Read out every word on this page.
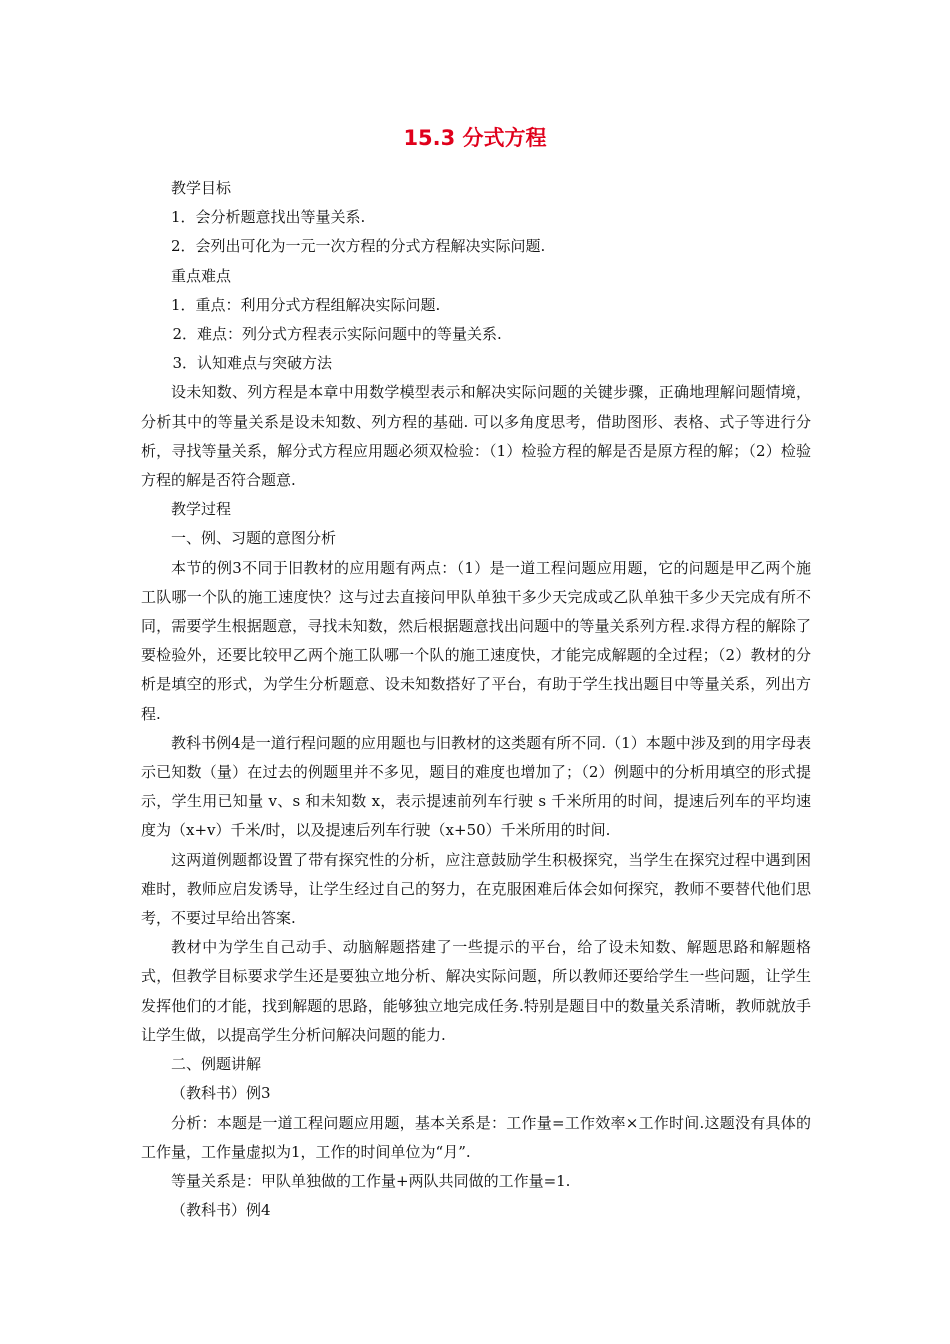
15.3 分式方程

教学目标

1．会分析题意找出等量关系.

2．会列出可化为一元一次方程的分式方程解决实际问题.

重点难点

1．重点：利用分式方程组解决实际问题.

2．难点：列分式方程表示实际问题中的等量关系.

3．认知难点与突破方法

设未知数、列方程是本章中用数学模型表示和解决实际问题的关键步骤，正确地理解问题情境，分析其中的等量关系是设未知数、列方程的基础. 可以多角度思考，借助图形、表格、式子等进行分析，寻找等量关系，解分式方程应用题必须双检验：（1）检验方程的解是否是原方程的解；（2）检验方程的解是否符合题意.

教学过程

一、例、习题的意图分析

本节的例3不同于旧教材的应用题有两点：（1）是一道工程问题应用题，它的问题是甲乙两个施工队哪一个队的施工速度快？这与过去直接问甲队单独干多少天完成或乙队单独干多少天完成有所不同，需要学生根据题意，寻找未知数，然后根据题意找出问题中的等量关系列方程.求得方程的解除了要检验外，还要比较甲乙两个施工队哪一个队的施工速度快，才能完成解题的全过程；（2）教材的分析是填空的形式，为学生分析题意、设未知数搭好了平台，有助于学生找出题目中等量关系，列出方程.

教科书例4是一道行程问题的应用题也与旧教材的这类题有所不同.（1）本题中涉及到的用字母表示已知数（量）在过去的例题里并不多见，题目的难度也增加了；（2）例题中的分析用填空的形式提示，学生用已知量 v、s 和未知数 x，表示提速前列车行驶 s 千米所用的时间，提速后列车的平均速度为（x+v）千米/时，以及提速后列车行驶（x+50）千米所用的时间.

这两道例题都设置了带有探究性的分析，应注意鼓励学生积极探究，当学生在探究过程中遇到困难时，教师应启发诱导，让学生经过自己的努力，在克服困难后体会如何探究，教师不要替代他们思考，不要过早给出答案.

教材中为学生自己动手、动脑解题搭建了一些提示的平台，给了设未知数、解题思路和解题格式，但教学目标要求学生还是要独立地分析、解决实际问题，所以教师还要给学生一些问题，让学生发挥他们的才能，找到解题的思路，能够独立地完成任务.特别是题目中的数量关系清晰，教师就放手让学生做，以提高学生分析问解决问题的能力.

二、例题讲解

（教科书）例3

分析：本题是一道工程问题应用题，基本关系是：工作量=工作效率×工作时间.这题没有具体的工作量，工作量虚拟为1，工作的时间单位为“月”.

等量关系是：甲队单独做的工作量+两队共同做的工作量=1.

（教科书）例4
